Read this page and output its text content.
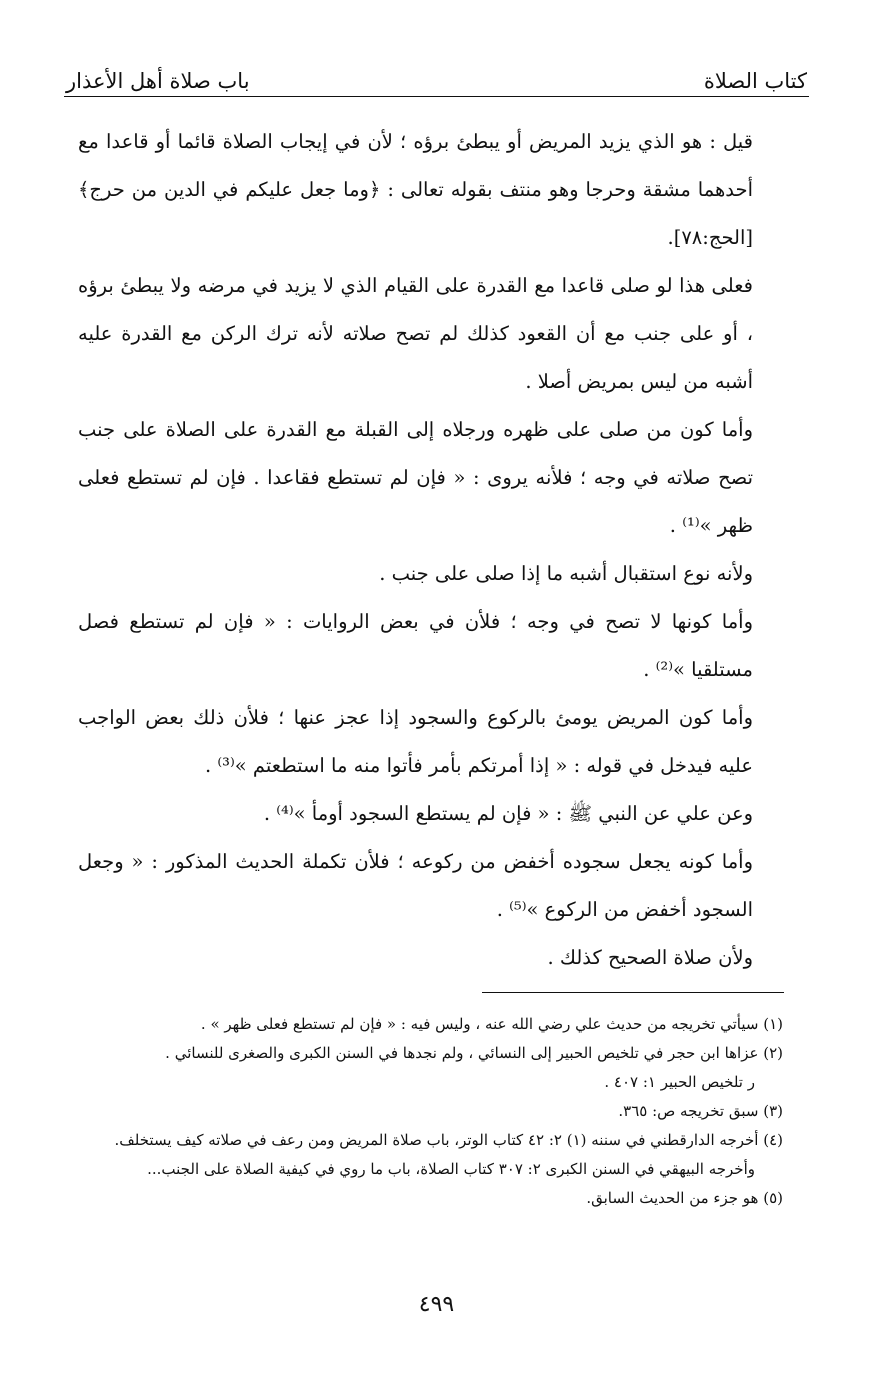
كتاب الصلاة
باب صلاة أهل الأعذار

قيل : هو الذي يزيد المريض أو يبطئ برؤه ؛ لأن في إيجاب الصلاة قائما أو قاعدا مع أحدهما مشقة وحرجا وهو منتف بقوله تعالى : ﴿وما جعل عليكم في الدين من حرج﴾ [الحج:٧٨].

فعلى هذا لو صلى قاعدا مع القدرة على القيام الذي لا يزيد في مرضه ولا يبطئ برؤه ، أو على جنب مع أن القعود كذلك لم تصح صلاته لأنه ترك الركن مع القدرة عليه أشبه من ليس بمريض أصلا .

وأما كون من صلى على ظهره ورجلاه إلى القبلة مع القدرة على الصلاة على جنب تصح صلاته في وجه ؛ فلأنه يروى : « فإن لم تستطع فقاعدا . فإن لم تستطع فعلى ظهر »⁽¹⁾ .

ولأنه نوع استقبال أشبه ما إذا صلى على جنب .

وأما كونها لا تصح في وجه ؛ فلأن في بعض الروايات : « فإن لم تستطع فصل مستلقيا »⁽²⁾ .

وأما كون المريض يومئ بالركوع والسجود إذا عجز عنها ؛ فلأن ذلك بعض الواجب عليه فيدخل في قوله : « إذا أمرتكم بأمر فأتوا منه ما استطعتم »⁽³⁾ .

وعن علي عن النبي ﷺ : « فإن لم يستطع السجود أومأ »⁽⁴⁾ .

وأما كونه يجعل سجوده أخفض من ركوعه ؛ فلأن تكملة الحديث المذكور : « وجعل السجود أخفض من الركوع »⁽⁵⁾ .

ولأن صلاة الصحيح كذلك .

(١) سيأتي تخريجه من حديث علي رضي الله عنه ، وليس فيه : « فإن لم تستطع فعلى ظهر » .

(٢) عزاها ابن حجر في تلخيص الحبير إلى النسائي ، ولم نجدها في السنن الكبرى والصغرى للنسائي .

ر تلخيص الحبير ١: ٤٠٧ .

(٣) سبق تخريجه ص: ٣٦٥.

(٤) أخرجه الدارقطني في سننه (١) ٢: ٤٢ كتاب الوتر، باب صلاة المريض ومن رعف في صلاته كيف يستخلف.

وأخرجه البيهقي في السنن الكبرى ٢: ٣٠٧ كتاب الصلاة، باب ما روي في كيفية الصلاة على الجنب...

(٥) هو جزء من الحديث السابق.

٤٩٩
